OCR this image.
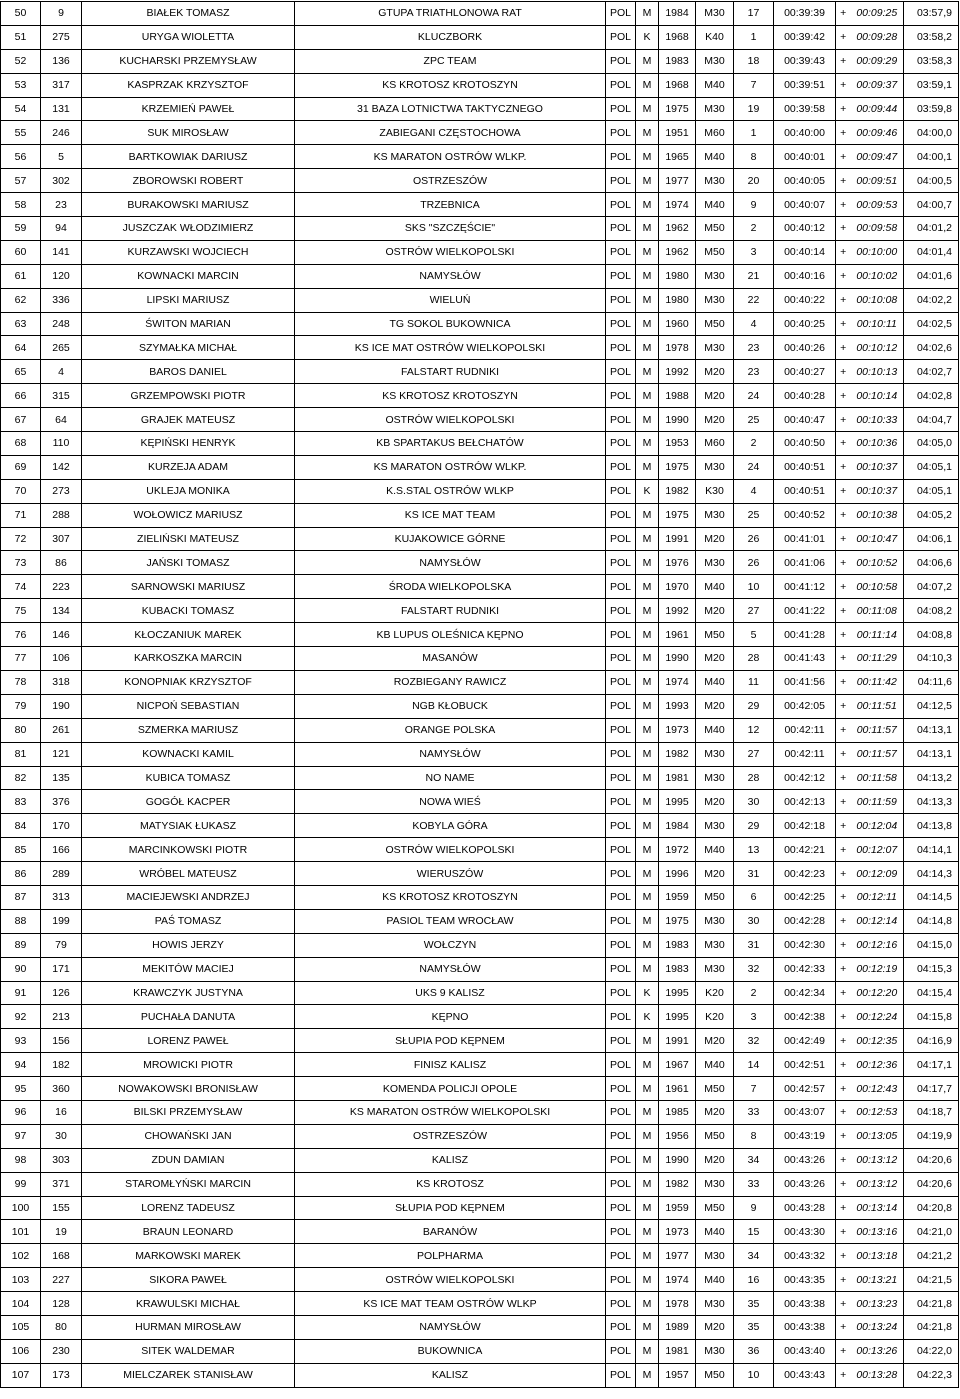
50	9	BIAŁEK TOMASZ	GTUPA TRIATHLONOWA RAT	POL	M	1984	M30	17	00:39:39	+	00:09:25	03:57,9
51	275	URYGA WIOLETTA	KLUCZBORK	POL	K	1968	K40	1	00:39:42	+	00:09:28	03:58,2
52	136	KUCHARSKI PRZEMYSŁAW	ZPC TEAM	POL	M	1983	M30	18	00:39:43	+	00:09:29	03:58,3
53	317	KASPRZAK KRZYSZTOF	KS KROTOSZ KROTOSZYN	POL	M	1968	M40	7	00:39:51	+	00:09:37	03:59,1
54	131	KRZEMIEŃ PAWEŁ	31 BAZA LOTNICTWA TAKTYCZNEGO	POL	M	1975	M30	19	00:39:58	+	00:09:44	03:59,8
55	246	SUK MIROSŁAW	ZABIEGANI CZĘSTOCHOWA	POL	M	1951	M60	1	00:40:00	+	00:09:46	04:00,0
56	5	BARTKOWIAK DARIUSZ	KS MARATON OSTRÓW WLKP.	POL	M	1965	M40	8	00:40:01	+	00:09:47	04:00,1
57	302	ZBOROWSKI ROBERT	OSTRZESZÓW	POL	M	1977	M30	20	00:40:05	+	00:09:51	04:00,5
58	23	BURAKOWSKI MARIUSZ	TRZEBNICA	POL	M	1974	M40	9	00:40:07	+	00:09:53	04:00,7
59	94	JUSZCZAK WŁODZIMIERZ	SKS "SZCZĘŚCIE"	POL	M	1962	M50	2	00:40:12	+	00:09:58	04:01,2
60	141	KURZAWSKI WOJCIECH	OSTRÓW WIELKOPOLSKI	POL	M	1962	M50	3	00:40:14	+	00:10:00	04:01,4
61	120	KOWNACKI MARCIN	NAMYSŁÓW	POL	M	1980	M30	21	00:40:16	+	00:10:02	04:01,6
62	336	LIPSKI MARIUSZ	WIELUŃ	POL	M	1980	M30	22	00:40:22	+	00:10:08	04:02,2
63	248	ŚWITON MARIAN	TG SOKOL BUKOWNICA	POL	M	1960	M50	4	00:40:25	+	00:10:11	04:02,5
64	265	SZYMAŁKA MICHAŁ	KS ICE MAT OSTRÓW WIELKOPOLSKI	POL	M	1978	M30	23	00:40:26	+	00:10:12	04:02,6
65	4	BAROS DANIEL	FALSTART RUDNIKI	POL	M	1992	M20	23	00:40:27	+	00:10:13	04:02,7
66	315	GRZEMPOWSKI PIOTR	KS KROTOSZ KROTOSZYN	POL	M	1988	M20	24	00:40:28	+	00:10:14	04:02,8
67	64	GRAJEK MATEUSZ	OSTRÓW WIELKOPOLSKI	POL	M	1990	M20	25	00:40:47	+	00:10:33	04:04,7
68	110	KĘPIŃSKI HENRYK	KB SPARTAKUS BEŁCHATÓW	POL	M	1953	M60	2	00:40:50	+	00:10:36	04:05,0
69	142	KURZEJA ADAM	KS MARATON OSTRÓW WLKP.	POL	M	1975	M30	24	00:40:51	+	00:10:37	04:05,1
70	273	UKLEJA MONIKA	K.S.STAL OSTRÓW WLKP	POL	K	1982	K30	4	00:40:51	+	00:10:37	04:05,1
71	288	WOŁOWICZ MARIUSZ	KS ICE MAT TEAM	POL	M	1975	M30	25	00:40:52	+	00:10:38	04:05,2
72	307	ZIELIŃSKI MATEUSZ	KUJAKOWICE GÓRNE	POL	M	1991	M20	26	00:41:01	+	00:10:47	04:06,1
73	86	JAŃSKI TOMASZ	NAMYSŁÓW	POL	M	1976	M30	26	00:41:06	+	00:10:52	04:06,6
74	223	SARNOWSKI MARIUSZ	ŚRODA WIELKOPOLSKA	POL	M	1970	M40	10	00:41:12	+	00:10:58	04:07,2
75	134	KUBACKI TOMASZ	FALSTART RUDNIKI	POL	M	1992	M20	27	00:41:22	+	00:11:08	04:08,2
76	146	KŁOCZANIUK MAREK	KB LUPUS OLEŚNICA KĘPNO	POL	M	1961	M50	5	00:41:28	+	00:11:14	04:08,8
77	106	KARKOSZKA MARCIN	MASANÓW	POL	M	1990	M20	28	00:41:43	+	00:11:29	04:10,3
78	318	KONOPNIAK KRZYSZTOF	ROZBIEGANY RAWICZ	POL	M	1974	M40	11	00:41:56	+	00:11:42	04:11,6
79	190	NICPOŃ SEBASTIAN	NGB KŁOBUCK	POL	M	1993	M20	29	00:42:05	+	00:11:51	04:12,5
80	261	SZMERKA MARIUSZ	ORANGE POLSKA	POL	M	1973	M40	12	00:42:11	+	00:11:57	04:13,1
81	121	KOWNACKI KAMIL	NAMYSŁÓW	POL	M	1982	M30	27	00:42:11	+	00:11:57	04:13,1
82	135	KUBICA TOMASZ	NO NAME	POL	M	1981	M30	28	00:42:12	+	00:11:58	04:13,2
83	376	GOGÓŁ KACPER	NOWA WIEŚ	POL	M	1995	M20	30	00:42:13	+	00:11:59	04:13,3
84	170	MATYSIAK ŁUKASZ	KOBYLA GÓRA	POL	M	1984	M30	29	00:42:18	+	00:12:04	04:13,8
85	166	MARCINKOWSKI PIOTR	OSTRÓW WIELKOPOLSKI	POL	M	1972	M40	13	00:42:21	+	00:12:07	04:14,1
86	289	WRÓBEL MATEUSZ	WIERUSZÓW	POL	M	1996	M20	31	00:42:23	+	00:12:09	04:14,3
87	313	MACIEJEWSKI ANDRZEJ	KS KROTOSZ KROTOSZYN	POL	M	1959	M50	6	00:42:25	+	00:12:11	04:14,5
88	199	PAŚ TOMASZ	PASIOL TEAM WROCŁAW	POL	M	1975	M30	30	00:42:28	+	00:12:14	04:14,8
89	79	HOWIS JERZY	WOŁCZYN	POL	M	1983	M30	31	00:42:30	+	00:12:16	04:15,0
90	171	MEKITÓW MACIEJ	NAMYSŁÓW	POL	M	1983	M30	32	00:42:33	+	00:12:19	04:15,3
91	126	KRAWCZYK JUSTYNA	UKS 9 KALISZ	POL	K	1995	K20	2	00:42:34	+	00:12:20	04:15,4
92	213	PUCHAŁA DANUTA	KĘPNO	POL	K	1995	K20	3	00:42:38	+	00:12:24	04:15,8
93	156	LORENZ PAWEŁ	SŁUPIA POD KĘPNEM	POL	M	1991	M20	32	00:42:49	+	00:12:35	04:16,9
94	182	MROWICKI PIOTR	FINISZ KALISZ	POL	M	1967	M40	14	00:42:51	+	00:12:36	04:17,1
95	360	NOWAKOWSKI BRONISŁAW	KOMENDA POLICJI OPOLE	POL	M	1961	M50	7	00:42:57	+	00:12:43	04:17,7
96	16	BILSKI PRZEMYSŁAW	KS MARATON OSTRÓW WIELKOPOLSKI	POL	M	1985	M20	33	00:43:07	+	00:12:53	04:18,7
97	30	CHOWAŃSKI JAN	OSTRZESZÓW	POL	M	1956	M50	8	00:43:19	+	00:13:05	04:19,9
98	303	ZDUN DAMIAN	KALISZ	POL	M	1990	M20	34	00:43:26	+	00:13:12	04:20,6
99	371	STAROMŁYŃSKI MARCIN	KS KROTOSZ	POL	M	1982	M30	33	00:43:26	+	00:13:12	04:20,6
100	155	LORENZ TADEUSZ	SŁUPIA POD KĘPNEM	POL	M	1959	M50	9	00:43:28	+	00:13:14	04:20,8
101	19	BRAUN LEONARD	BARANÓW	POL	M	1973	M40	15	00:43:30	+	00:13:16	04:21,0
102	168	MARKOWSKI MAREK	POLPHARMA	POL	M	1977	M30	34	00:43:32	+	00:13:18	04:21,2
103	227	SIKORA PAWEŁ	OSTRÓW WIELKOPOLSKI	POL	M	1974	M40	16	00:43:35	+	00:13:21	04:21,5
104	128	KRAWULSKI MICHAŁ	KS ICE MAT TEAM OSTRÓW WLKP	POL	M	1978	M30	35	00:43:38	+	00:13:23	04:21,8
105	80	HURMAN MIROSŁAW	NAMYSŁÓW	POL	M	1989	M20	35	00:43:38	+	00:13:24	04:21,8
106	230	SITEK WALDEMAR	BUKOWNICA	POL	M	1981	M30	36	00:43:40	+	00:13:26	04:22,0
107	173	MIELCZAREK STANISŁAW	KALISZ	POL	M	1957	M50	10	00:43:43	+	00:13:28	04:22,3
